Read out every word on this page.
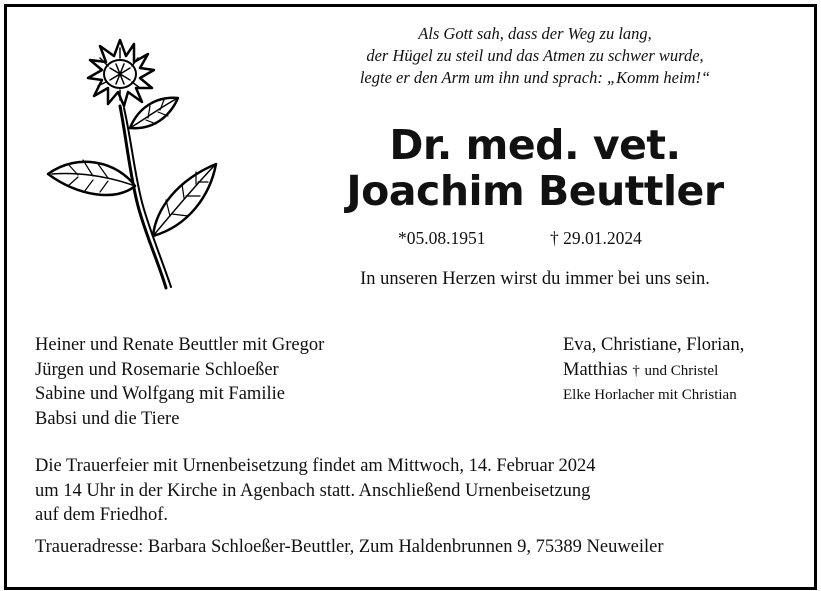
Als Gott sah, dass der Weg zu lang,
der Hügel zu steil und das Atmen zu schwer wurde,
legte er den Arm um ihn und sprach: „Komm heim!“
Dr. med. vet.
Joachim Beuttler
*05.08.1951	† 29.01.2024
In unseren Herzen wirst du immer bei uns sein.
Heiner und Renate Beuttler mit Gregor
Jürgen und Rosemarie Schloeßer
Sabine und Wolfgang mit Familie
Babsi und die Tiere
Eva, Christiane, Florian,
Matthias † und Christel
Elke Horlacher mit Christian
Die Trauerfeier mit Urnenbeisetzung findet am Mittwoch, 14. Februar 2024
um 14 Uhr in der Kirche in Agenbach statt. Anschließend Urnenbeisetzung
auf dem Friedhof.
Traueradresse: Barbara Schloeßer-Beuttler, Zum Haldenbrunnen 9, 75389 Neuweiler
